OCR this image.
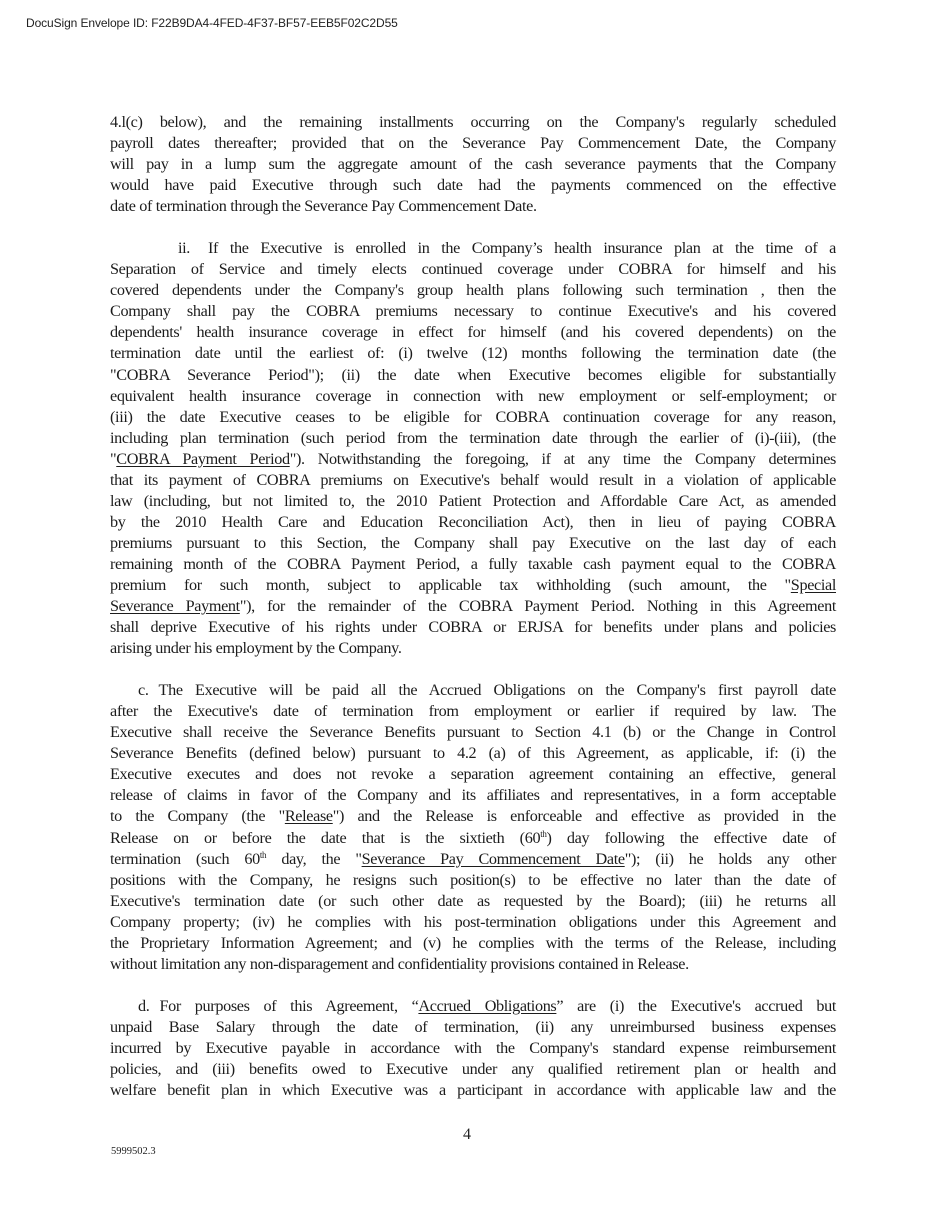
DocuSign Envelope ID: F22B9DA4-4FED-4F37-BF57-EEB5F02C2D55
4.l(c) below), and the remaining installments occurring on the Company's regularly scheduled
payroll dates thereafter; provided that on the Severance Pay Commencement Date, the Company
will pay in a lump sum the aggregate amount of the cash severance payments that the Company
would have paid Executive through such date had the payments commenced on the effective
date of termination through the Severance Pay Commencement Date.
ii. If the Executive is enrolled in the Company’s health insurance plan at the time of a
Separation of Service and timely elects continued coverage under COBRA for himself and his
covered dependents under the Company's group health plans following such termination , then the
Company shall pay the COBRA premiums necessary to continue Executive's and his covered
dependents' health insurance coverage in effect for himself (and his covered dependents) on the
termination date until the earliest of: (i) twelve (12) months following the termination date (the
"COBRA Severance Period"); (ii) the date when Executive becomes eligible for substantially
equivalent health insurance coverage in connection with new employment or self-employment; or
(iii) the date Executive ceases to be eligible for COBRA continuation coverage for any reason,
including plan termination (such period from the termination date through the earlier of (i)-(iii), (the
"COBRA Payment Period"). Notwithstanding the foregoing, if at any time the Company determines
that its payment of COBRA premiums on Executive's behalf would result in a violation of applicable
law (including, but not limited to, the 2010 Patient Protection and Affordable Care Act, as amended
by the 2010 Health Care and Education Reconciliation Act), then in lieu of paying COBRA
premiums pursuant to this Section, the Company shall pay Executive on the last day of each
remaining month of the COBRA Payment Period, a fully taxable cash payment equal to the COBRA
premium for such month, subject to applicable tax withholding (such amount, the "Special
Severance Payment"), for the remainder of the COBRA Payment Period. Nothing in this Agreement
shall deprive Executive of his rights under COBRA or ERJSA for benefits under plans and policies
arising under his employment by the Company.
c. The Executive will be paid all the Accrued Obligations on the Company's first payroll date
after the Executive's date of termination from employment or earlier if required by law. The
Executive shall receive the Severance Benefits pursuant to Section 4.1 (b) or the Change in Control
Severance Benefits (defined below) pursuant to 4.2 (a) of this Agreement, as applicable, if: (i) the
Executive executes and does not revoke a separation agreement containing an effective, general
release of claims in favor of the Company and its affiliates and representatives, in a form acceptable
to the Company (the "Release") and the Release is enforceable and effective as provided in the
Release on or before the date that is the sixtieth (60th) day following the effective date of
termination (such 60th day, the "Severance Pay Commencement Date"); (ii) he holds any other
positions with the Company, he resigns such position(s) to be effective no later than the date of
Executive's termination date (or such other date as requested by the Board); (iii) he returns all
Company property; (iv) he complies with his post-termination obligations under this Agreement and
the Proprietary Information Agreement; and (v) he complies with the terms of the Release, including
without limitation any non-disparagement and confidentiality provisions contained in Release.
d. For purposes of this Agreement, “Accrued Obligations” are (i) the Executive's accrued but
unpaid Base Salary through the date of termination, (ii) any unreimbursed business expenses
incurred by Executive payable in accordance with the Company's standard expense reimbursement
policies, and (iii) benefits owed to Executive under any qualified retirement plan or health and
welfare benefit plan in which Executive was a participant in accordance with applicable law and the
4
5999502.3
